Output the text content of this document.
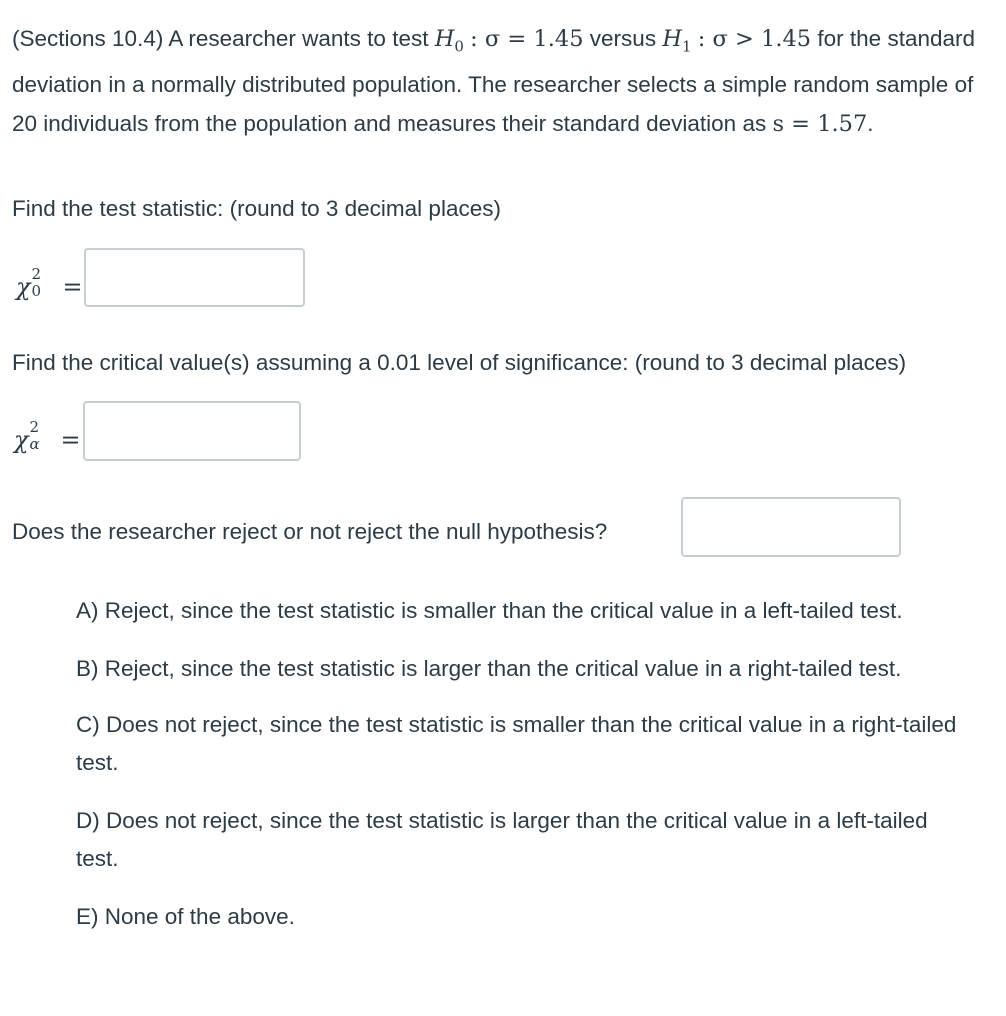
(Sections 10.4) A researcher wants to test $H_0$ : σ = 1.45 versus $H_1$ : σ > 1.45 for the standard deviation in a normally distributed population. The researcher selects a simple random sample of 20 individuals from the population and measures their standard deviation as s = 1.57.
Find the test statistic: (round to 3 decimal places)
χ 2
0 =
Find the critical value(s) assuming a 0.01 level of significance: (round to 3 decimal places)
χ 2
α =
Does the researcher reject or not reject the null hypothesis?
A) Reject, since the test statistic is smaller than the critical value in a left-tailed test.
B) Reject, since the test statistic is larger than the critical value in a right-tailed test.
C) Does not reject, since the test statistic is smaller than the critical value in a right-tailed test.
D) Does not reject, since the test statistic is larger than the critical value in a left-tailed test.
E) None of the above.
